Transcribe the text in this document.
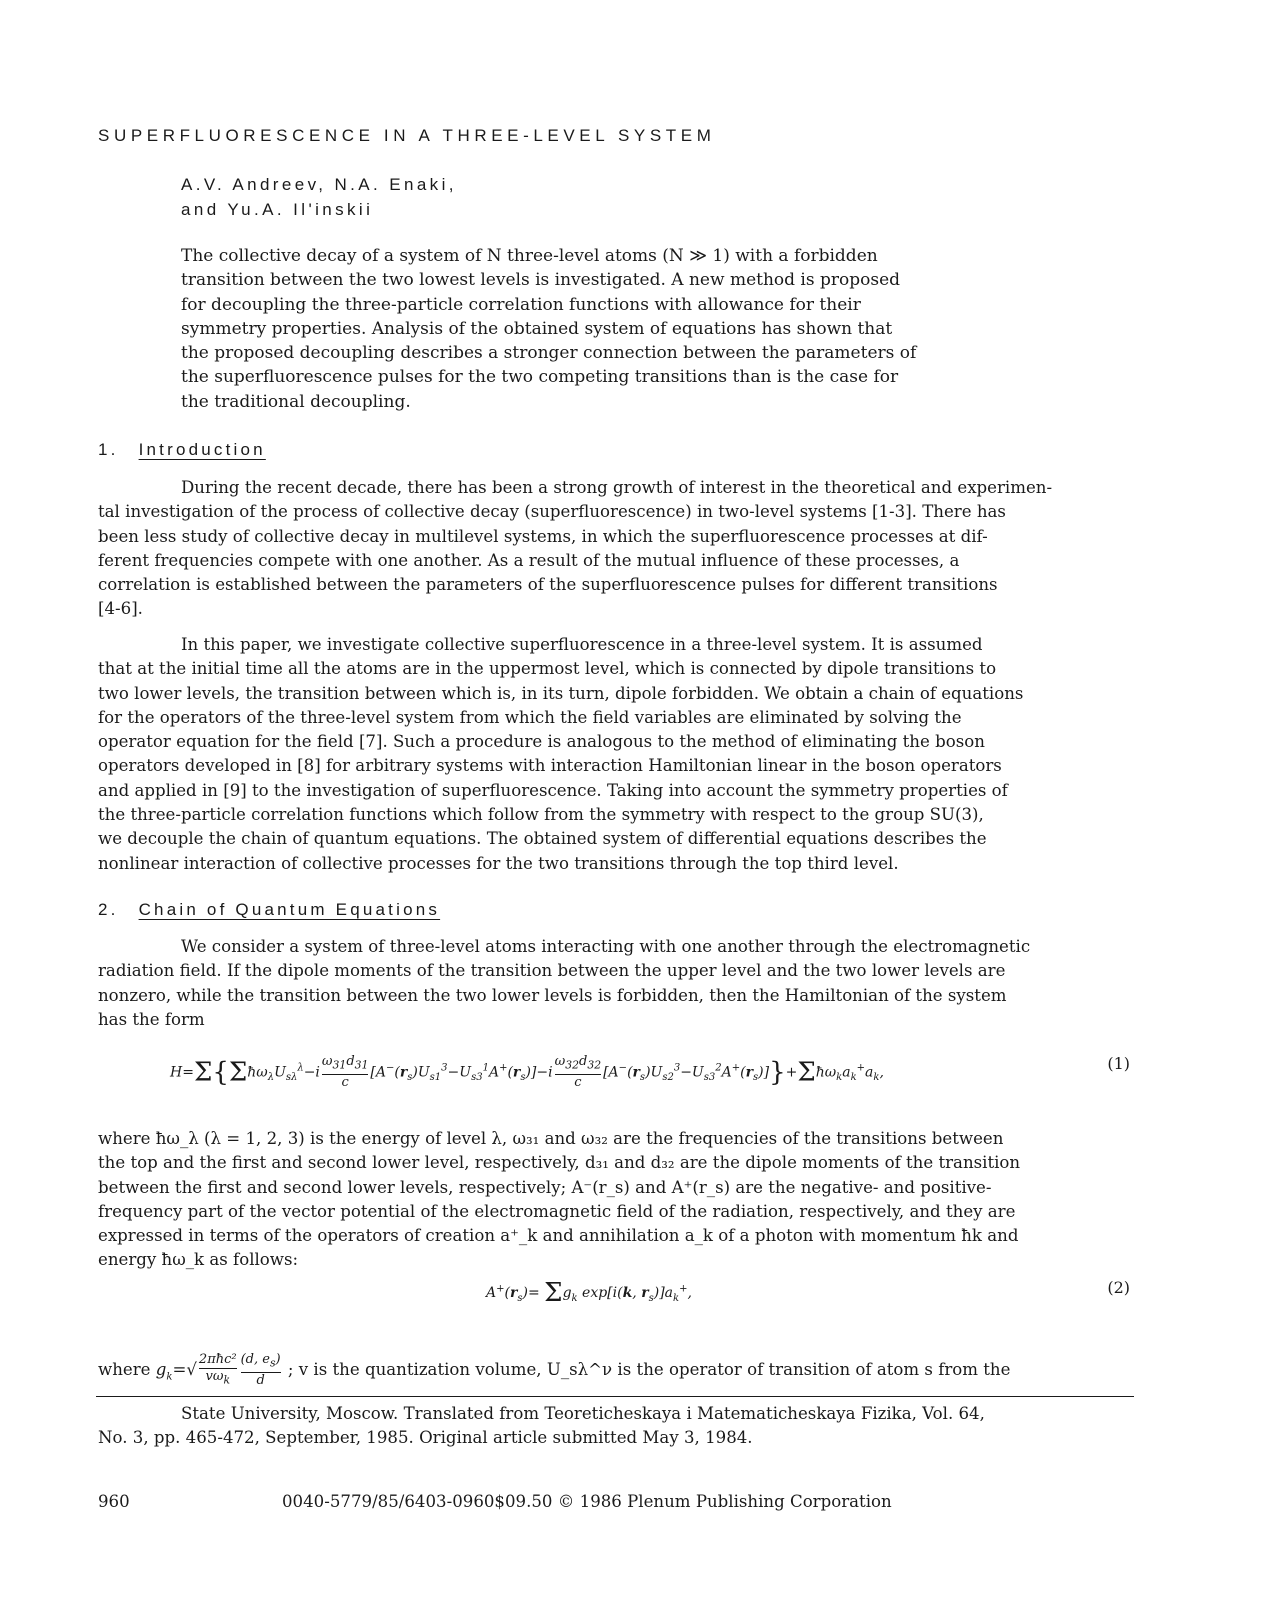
SUPERFLUORESCENCE IN A THREE-LEVEL SYSTEM
A.V. Andreev, N.A. Enaki,
and Yu.A. Il'inskii
The collective decay of a system of N three-level atoms (N ≫ 1) with a forbidden
transition between the two lowest levels is investigated. A new method is proposed
for decoupling the three-particle correlation functions with allowance for their
symmetry properties. Analysis of the obtained system of equations has shown that
the proposed decoupling describes a stronger connection between the parameters of
the superfluorescence pulses for the two competing transitions than is the case for
the traditional decoupling.
1. Introduction
During the recent decade, there has been a strong growth of interest in the theoretical and experimen-
tal investigation of the process of collective decay (superfluorescence) in two-level systems [1-3]. There has
been less study of collective decay in multilevel systems, in which the superfluorescence processes at dif-
ferent frequencies compete with one another. As a result of the mutual influence of these processes, a
correlation is established between the parameters of the superfluorescence pulses for different transitions
[4-6].
In this paper, we investigate collective superfluorescence in a three-level system. It is assumed
that at the initial time all the atoms are in the uppermost level, which is connected by dipole transitions to
two lower levels, the transition between which is, in its turn, dipole forbidden. We obtain a chain of equations
for the operators of the three-level system from which the field variables are eliminated by solving the
operator equation for the field [7]. Such a procedure is analogous to the method of eliminating the boson
operators developed in [8] for arbitrary systems with interaction Hamiltonian linear in the boson operators
and applied in [9] to the investigation of superfluorescence. Taking into account the symmetry properties of
the three-particle correlation functions which follow from the symmetry with respect to the group SU(3),
we decouple the chain of quantum equations. The obtained system of differential equations describes the
nonlinear interaction of collective processes for the two transitions through the top third level.
2. Chain of Quantum Equations
We consider a system of three-level atoms interacting with one another through the electromagnetic
radiation field. If the dipole moments of the transition between the upper level and the two lower levels are
nonzero, while the transition between the two lower levels is forbidden, then the Hamiltonian of the system
has the form
$H=\Sigma\{\Sigma ħ\omega_\lambda U_{s\lambda}^\lambda-i \frac{\omega_{31}d_{31}}{c} [A^-(r_s)U_{s1}^3-U_{s3}^1A^+(r_s)]-i \frac{\omega_{32}d_{32}}{c}$ $[A^-(r_s)U_{s2}^3-U_{s3}^2A^+(r_s)]\}+\Sigma ħ\omega_ka_k^+a_k$,	(1)
where ħω_λ (λ = 1, 2, 3) is the energy of level λ, ω₃₁ and ω₃₂ are the frequencies of the transitions between
the top and the first and second lower level, respectively, d₃₁ and d₃₂ are the dipole moments of the transition
between the first and second lower levels, respectively; A⁻(r_s) and A⁺(r_s) are the negative- and positive-
frequency part of the vector potential of the electromagnetic field of the radiation, respectively, and they are
expressed in terms of the operators of creation a⁺_k and annihilation a_k of a photon with momentum ħk and
energy ħω_k as follows:
$A^+(r_s)= \Sigma g_k$ exp[i(k, $r_s)]a_k^+$,	(2)
where $g_k=√ \frac{\text{2πħc²}}{v\omega_k} \frac{(d, e_s)}{d}$ ; v is the quantization volume, U_sλ^ν is the operator of transition of atom s from the
State University, Moscow. Translated from Teoreticheskaya i Matematicheskaya Fizika, Vol. 64,
No. 3, pp. 465-472, September, 1985. Original article submitted May 3, 1984.
960	0040-5779/85/6403-0960$09.50 © 1986 Plenum Publishing Corporation
